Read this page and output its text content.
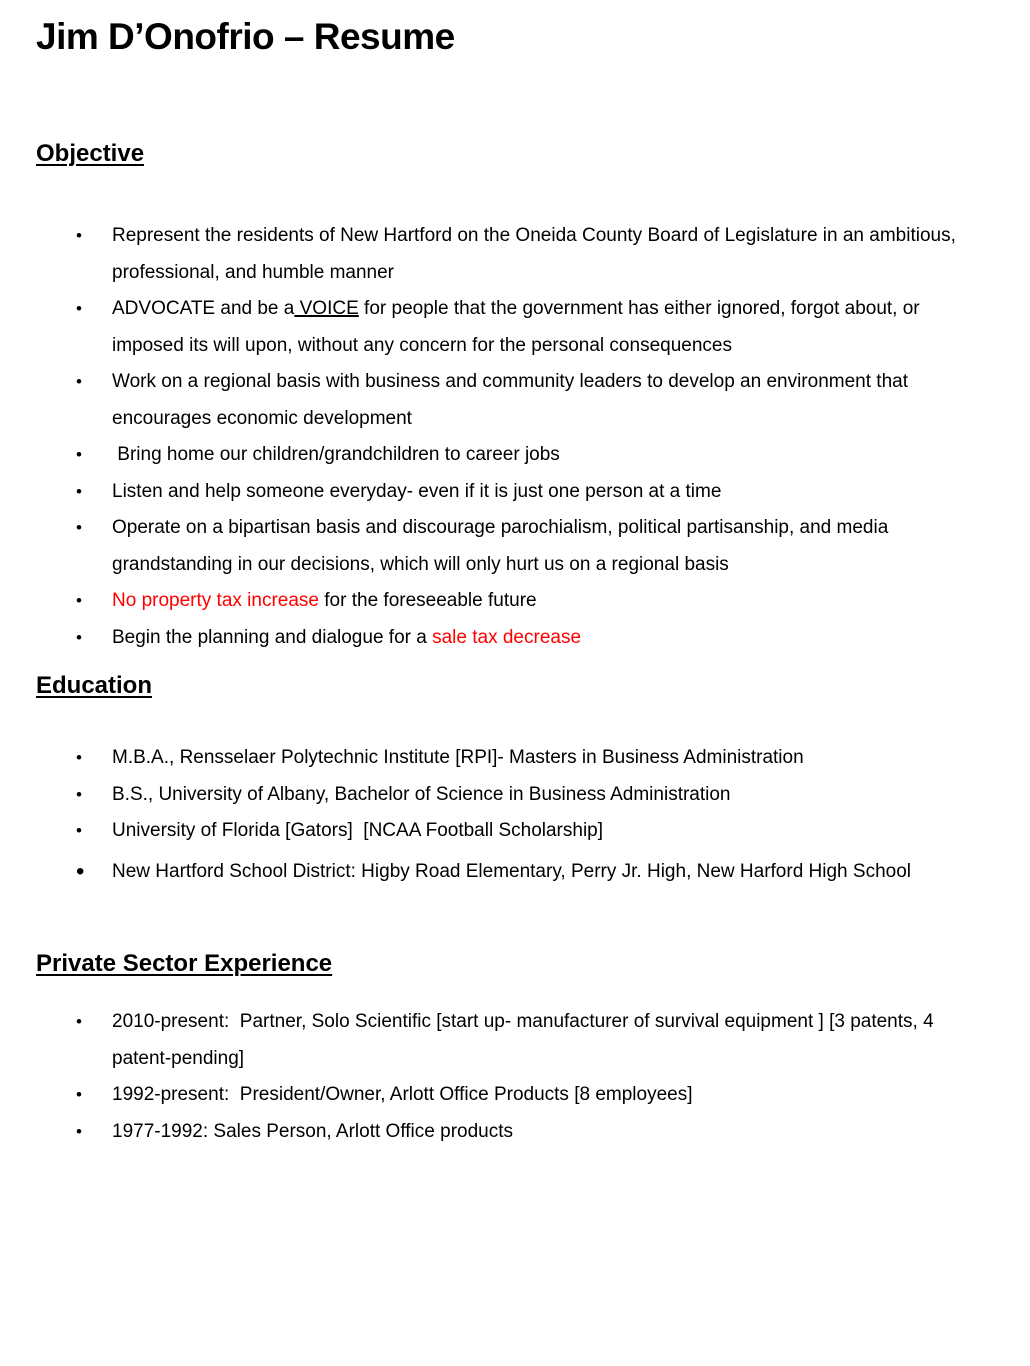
Jim D’Onofrio – Resume
Objective
•	Represent the residents of New Hartford on the Oneida County Board of Legislature in an ambitious, professional, and humble manner
•	ADVOCATE and be a VOICE for people that the government has either ignored, forgot about, or imposed its will upon, without any concern for the personal consequences
•	Work on a regional basis with business and community leaders to develop an environment that encourages economic development
•	Bring home our children/grandchildren to career jobs
•	Listen and help someone everyday- even if it is just one person at a time
•	Operate on a bipartisan basis and discourage parochialism, political partisanship, and media grandstanding in our decisions, which will only hurt us on a regional basis
•	No property tax increase for the foreseeable future
•	Begin the planning and dialogue for a sale tax decrease
Education
•	M.B.A., Rensselaer Polytechnic Institute [RPI]- Masters in Business Administration
•	B.S., University of Albany, Bachelor of Science in Business Administration
•	University of Florida [Gators]  [NCAA Football Scholarship]
•	New Hartford School District: Higby Road Elementary, Perry Jr. High, New Harford High School
Private Sector Experience
•	2010-present:  Partner, Solo Scientific [start up- manufacturer of survival equipment ] [3 patents, 4 patent-pending]
•	1992-present:  President/Owner, Arlott Office Products [8 employees]
•	1977-1992: Sales Person, Arlott Office products
